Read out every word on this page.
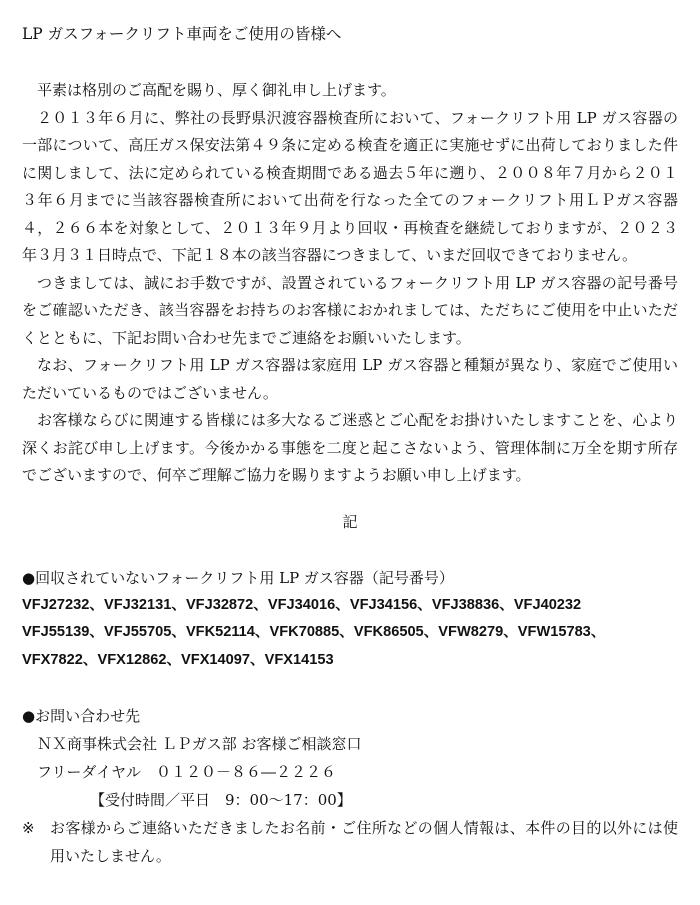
LP ガスフォークリフト車両をご使用の皆様へ

平素は格別のご高配を賜り、厚く御礼申し上げます。

２０１３年６月に、弊社の長野県沢渡容器検査所において、フォークリフト用 LP ガス容器の一部について、高圧ガス保安法第４９条に定める検査を適正に実施せずに出荷しておりました件に関しまして、法に定められている検査期間である過去５年に遡り、２００８年７月から２０１３年６月までに当該容器検査所において出荷を行なった全てのフォークリフト用ＬＰガス容器４，２６６本を対象として、２０１３年９月より回収・再検査を継続しておりますが、２０２３年３月３１日時点で、下記１８本の該当容器につきまして、いまだ回収できておりません。

つきましては、誠にお手数ですが、設置されているフォークリフト用 LP ガス容器の記号番号をご確認いただき、該当容器をお持ちのお客様におかれましては、ただちにご使用を中止いただくとともに、下記お問い合わせ先までご連絡をお願いいたします。

なお、フォークリフト用 LP ガス容器は家庭用 LP ガス容器と種類が異なり、家庭でご使用いただいているものではございません。

お客様ならびに関連する皆様には多大なるご迷惑とご心配をお掛けいたしますことを、心より深くお詫び申し上げます。今後かかる事態を二度と起こさないよう、管理体制に万全を期す所存でございますので、何卒ご理解ご協力を賜りますようお願い申し上げます。

記

●回収されていないフォークリフト用 LP ガス容器（記号番号）

VFJ27232、VFJ32131、VFJ32872、VFJ34016、VFJ34156、VFJ38836、VFJ40232
VFJ55139、VFJ55705、VFK52114、VFK70885、VFK86505、VFW8279、VFW15783、
VFX7822、VFX12862、VFX14097、VFX14153

●お問い合わせ先

ＮＸ商事株式会社 ＬＰガス部 お客様ご相談窓口

フリーダイヤル　０１２０－８６―２２２６

【受付時間／平日　9：00～17：00】

※	お客様からご連絡いただきましたお名前・ご住所などの個人情報は、本件の目的以外には使用いたしません。
